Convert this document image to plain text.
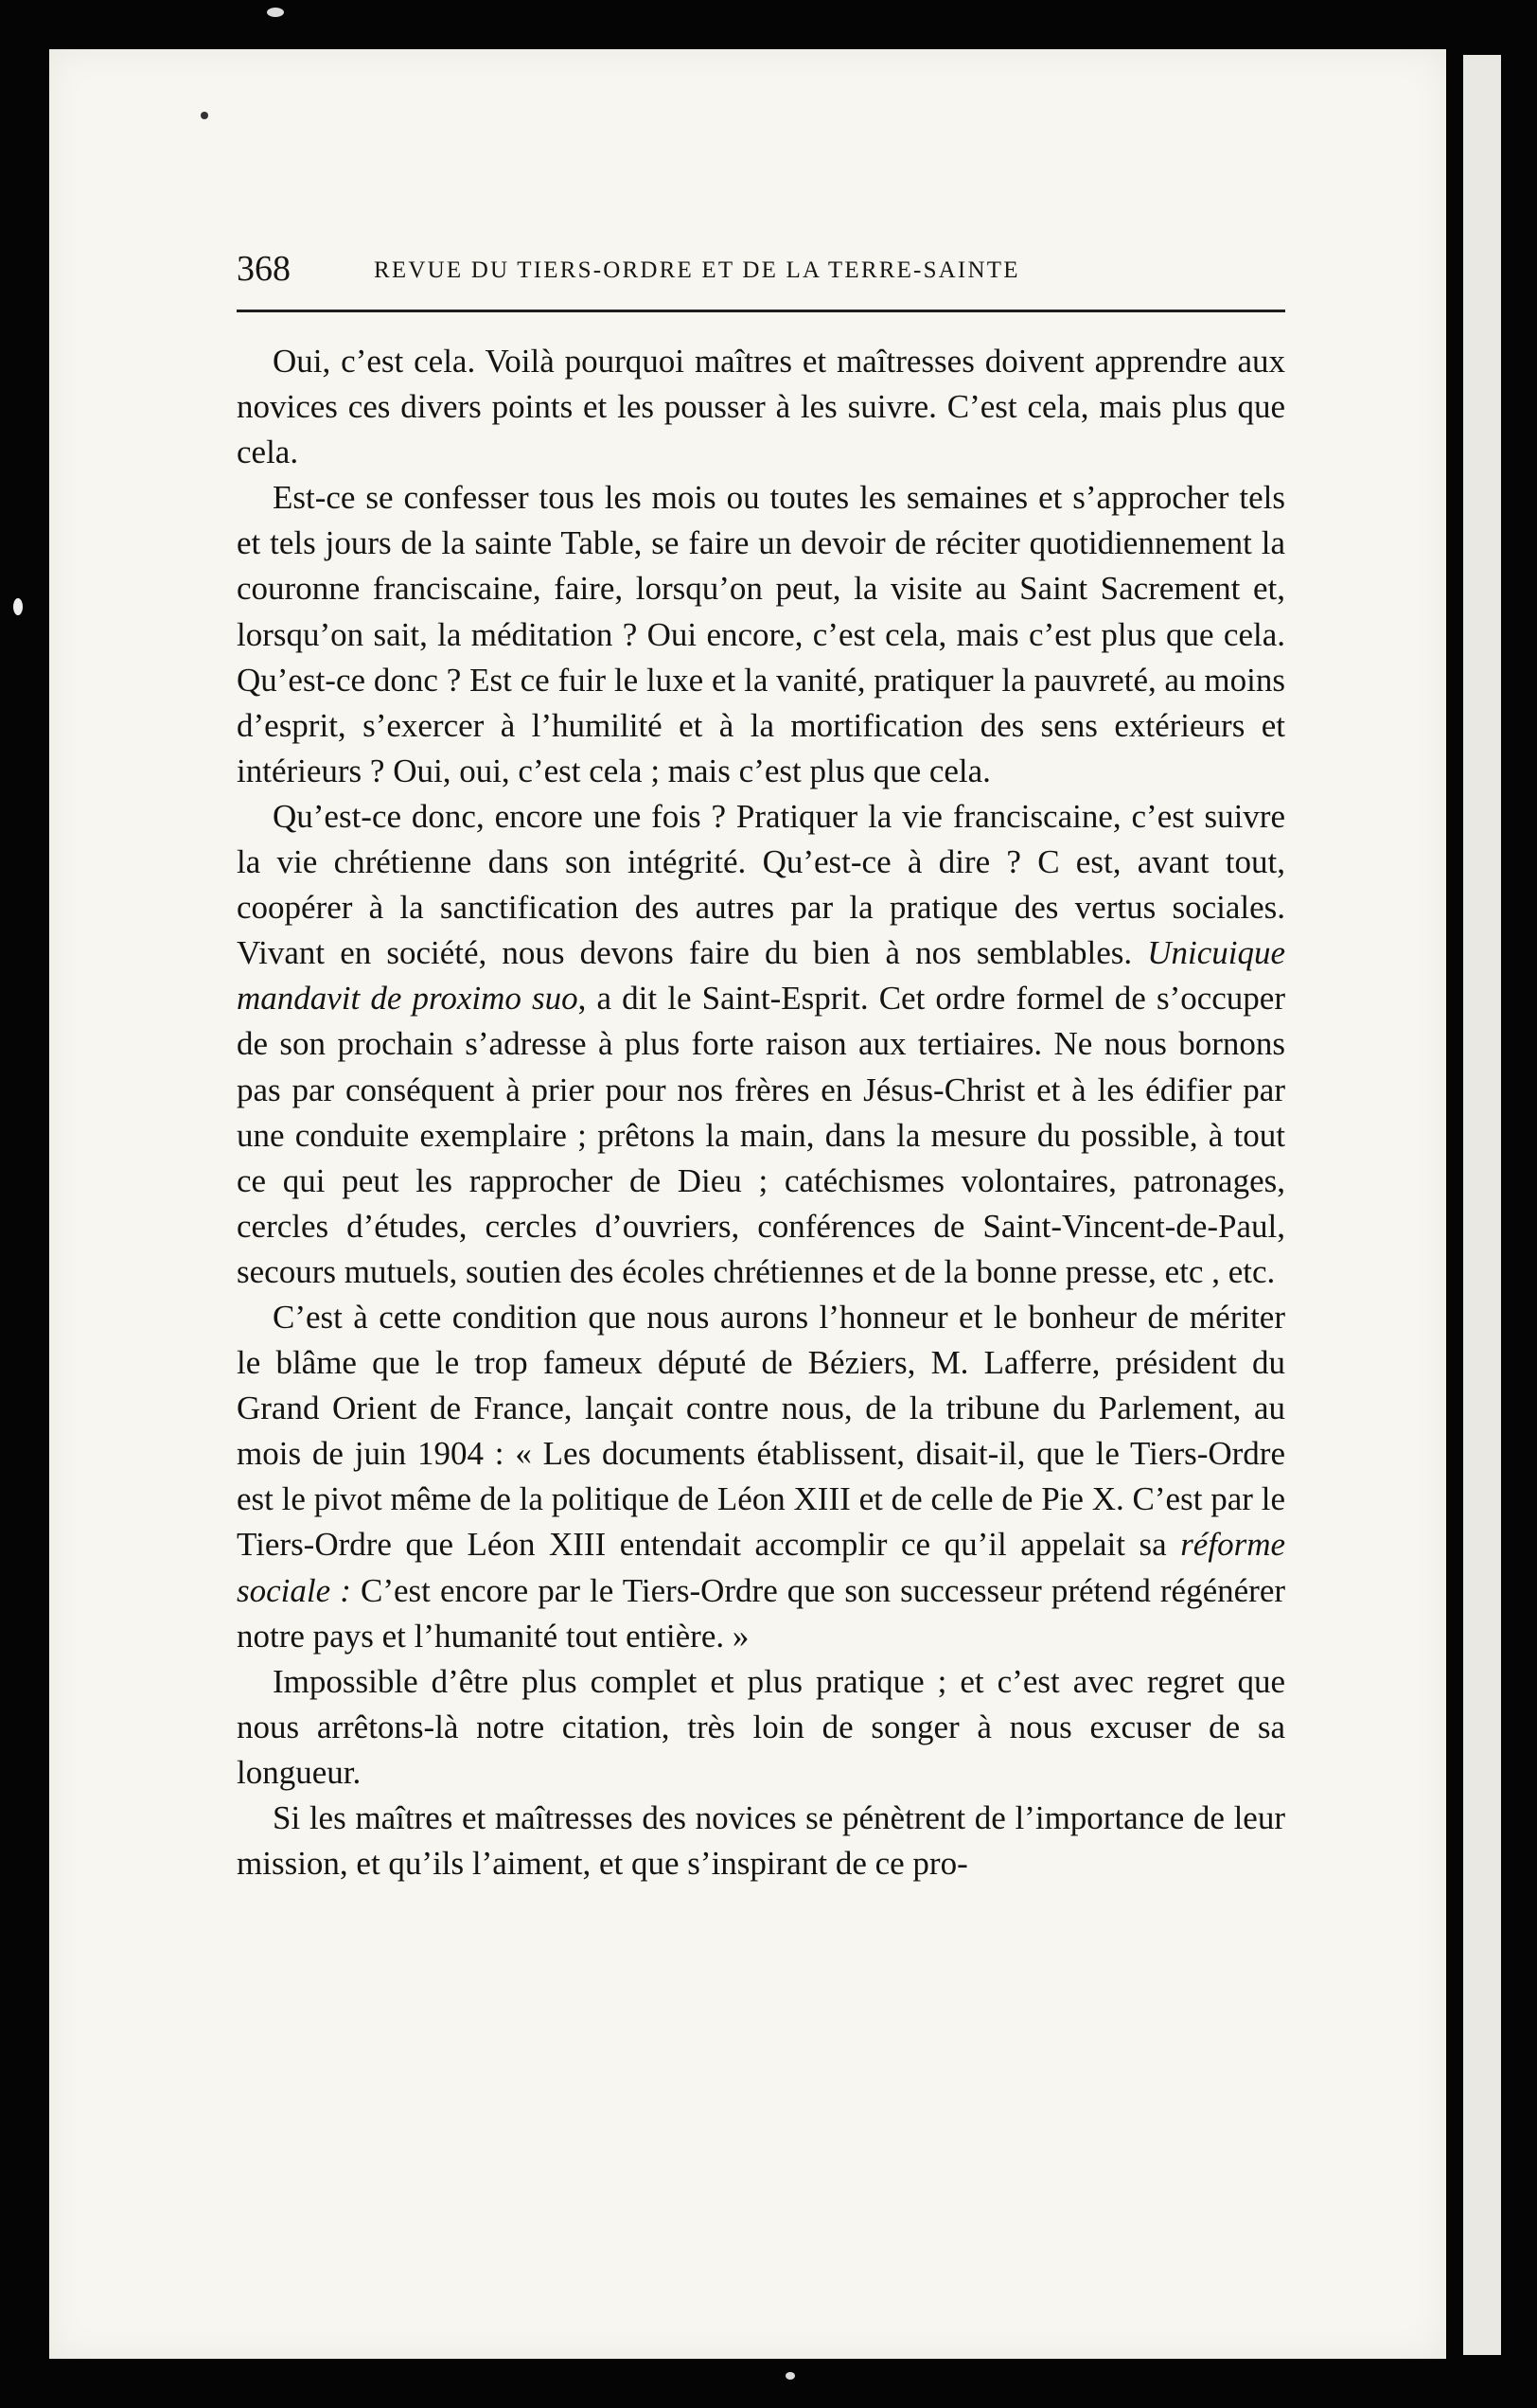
368	REVUE DU TIERS-ORDRE ET DE LA TERRE-SAINTE

Oui, c’est cela. Voilà pourquoi maîtres et maîtresses doivent apprendre aux novices ces divers points et les pousser à les suivre. C’est cela, mais plus que cela.

Est-ce se confesser tous les mois ou toutes les semaines et s’approcher tels et tels jours de la sainte Table, se faire un devoir de réciter quotidiennement la couronne franciscaine, faire, lorsqu’on peut, la visite au Saint Sacrement et, lorsqu’on sait, la méditation ? Oui encore, c’est cela, mais c’est plus que cela. Qu’est-ce donc ? Est ce fuir le luxe et la vanité, pratiquer la pauvreté, au moins d’esprit, s’exercer à l’humilité et à la mortification des sens extérieurs et intérieurs ? Oui, oui, c’est cela ; mais c’est plus que cela.

Qu’est-ce donc, encore une fois ? Pratiquer la vie franciscaine, c’est suivre la vie chrétienne dans son intégrité. Qu’est-ce à dire ? C est, avant tout, coopérer à la sanctification des autres par la pratique des vertus sociales. Vivant en société, nous devons faire du bien à nos semblables. Unicuique mandavit de proximo suo, a dit le Saint-Esprit. Cet ordre formel de s’occuper de son prochain s’adresse à plus forte raison aux tertiaires. Ne nous bornons pas par conséquent à prier pour nos frères en Jésus-Christ et à les édifier par une conduite exemplaire ; prêtons la main, dans la mesure du possible, à tout ce qui peut les rapprocher de Dieu ; catéchismes volontaires, patronages, cercles d’études, cercles d’ouvriers, conférences de Saint-Vincent-de-Paul, secours mutuels, soutien des écoles chrétiennes et de la bonne presse, etc , etc.

C’est à cette condition que nous aurons l’honneur et le bonheur de mériter le blâme que le trop fameux député de Béziers, M. Lafferre, président du Grand Orient de France, lançait contre nous, de la tribune du Parlement, au mois de juin 1904 : « Les documents établissent, disait-il, que le Tiers-Ordre est le pivot même de la politique de Léon XIII et de celle de Pie X. C’est par le Tiers-Ordre que Léon XIII entendait accomplir ce qu’il appelait sa réforme sociale : C’est encore par le Tiers-Ordre que son successeur prétend régénérer notre pays et l’humanité tout entière. »

Impossible d’être plus complet et plus pratique ; et c’est avec regret que nous arrêtons-là notre citation, très loin de songer à nous excuser de sa longueur.

Si les maîtres et maîtresses des novices se pénètrent de l’importance de leur mission, et qu’ils l’aiment, et que s’inspirant de ce pro-
